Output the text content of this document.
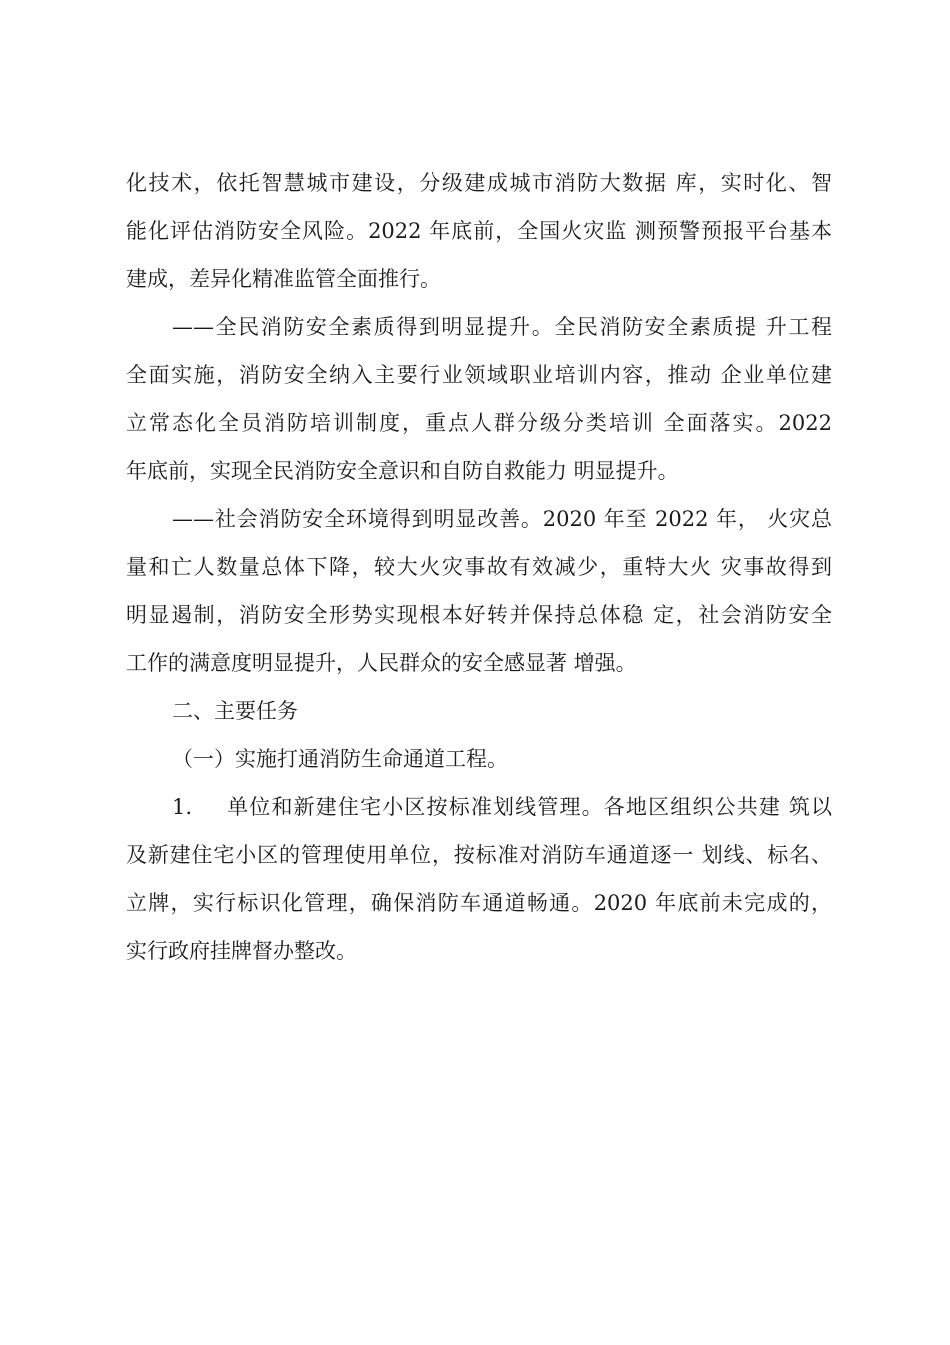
化技术，依托智慧城市建设，分级建成城市消防大数据 库，实时化、智
能化评估消防安全风险。2022 年底前，全国火灾监 测预警预报平台基本
建成，差异化精准监管全面推行。
——全民消防安全素质得到明显提升。全民消防安全素质提 升工程
全面实施，消防安全纳入主要行业领域职业培训内容，推动 企业单位建
立常态化全员消防培训制度，重点人群分级分类培训 全面落实。2022
年底前，实现全民消防安全意识和自防自救能力 明显提升。
——社会消防安全环境得到明显改善。2020 年至 2022 年， 火灾总
量和亡人数量总体下降，较大火灾事故有效减少，重特大火 灾事故得到
明显遏制，消防安全形势实现根本好转并保持总体稳 定，社会消防安全
工作的满意度明显提升，人民群众的安全感显著 增强。
二、主要任务
（一）实施打通消防生命通道工程。
1. 单位和新建住宅小区按标准划线管理。各地区组织公共建 筑以
及新建住宅小区的管理使用单位，按标准对消防车通道逐一 划线、标名、
立牌，实行标识化管理，确保消防车通道畅通。2020 年底前未完成的，
实行政府挂牌督办整改。
